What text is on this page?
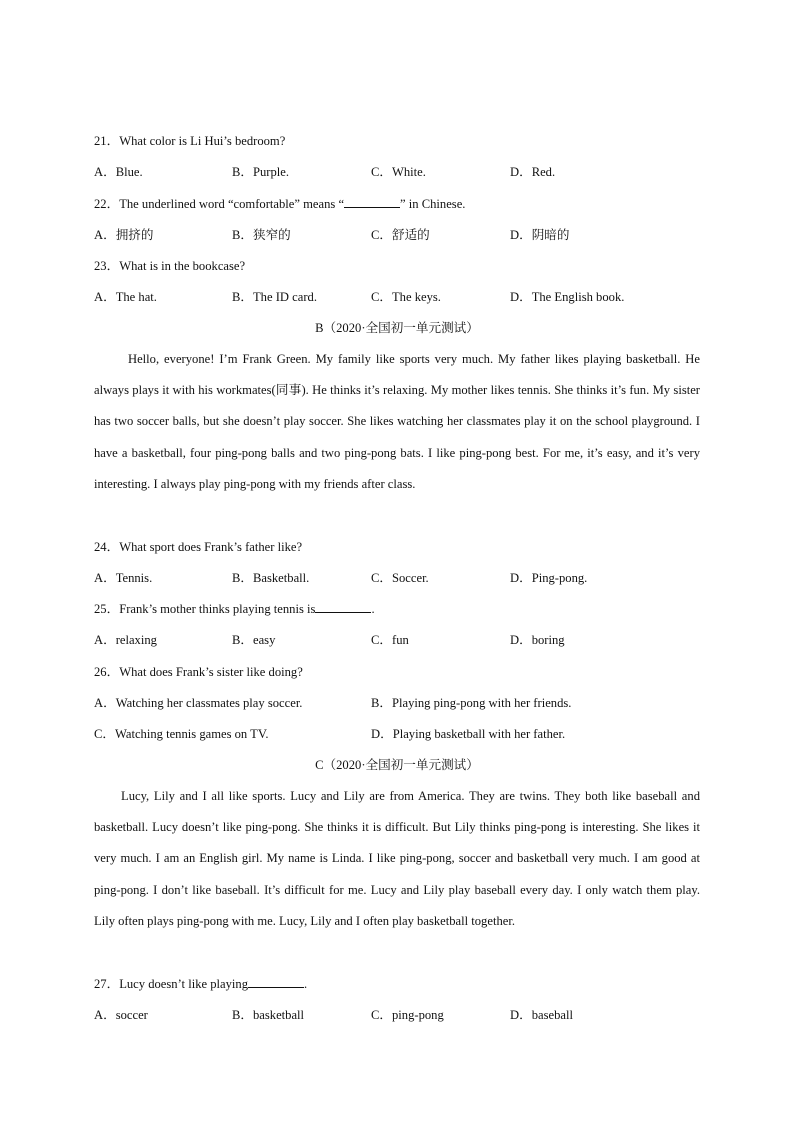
21．What color is Li Hui’s bedroom?
A．Blue.	B．Purple.	C．White.	D．Red.
22．The underlined word “comfortable” means “	” in Chinese.
A．拥挤的	B．狭窄的	C．舒适的	D．阴暗的
23．What is in the bookcase?
A．The hat.	B．The ID card.	C．The keys.	D．The English book.
B（2020·全国初一单元测试）
Hello, everyone! I’m Frank Green. My family like sports very much. My father likes playing basketball. He always plays it with his workmates(同事). He thinks it’s relaxing. My mother likes tennis. She thinks it’s fun. My sister has two soccer balls, but she doesn’t play soccer. She likes watching her classmates play it on the school playground. I have a basketball, four ping-pong balls and two ping-pong bats. I like ping-pong best. For me, it’s easy, and it’s very interesting. I always play ping-pong with my friends after class.
24．What sport does Frank’s father like?
A．Tennis.	B．Basketball.	C．Soccer.	D．Ping-pong.
25．Frank’s mother thinks playing tennis is	.
A．relaxing	B．easy	C．fun	D．boring
26．What does Frank’s sister like doing?
A．Watching her classmates play soccer.	B．Playing ping-pong with her friends.
C．Watching tennis games on TV.	D．Playing basketball with her father.
C（2020·全国初一单元测试）
Lucy, Lily and I all like sports. Lucy and Lily are from America. They are twins. They both like baseball and basketball. Lucy doesn’t like ping-pong. She thinks it is difficult. But Lily thinks ping-pong is interesting. She likes it very much. I am an English girl. My name is Linda. I like ping-pong, soccer and basketball very much. I am good at ping-pong. I don’t like baseball. It’s difficult for me. Lucy and Lily play baseball every day. I only watch them play. Lily often plays ping-pong with me. Lucy, Lily and I often play basketball together.
27．Lucy doesn’t like playing	.
A．soccer	B．basketball	C．ping-pong	D．baseball
